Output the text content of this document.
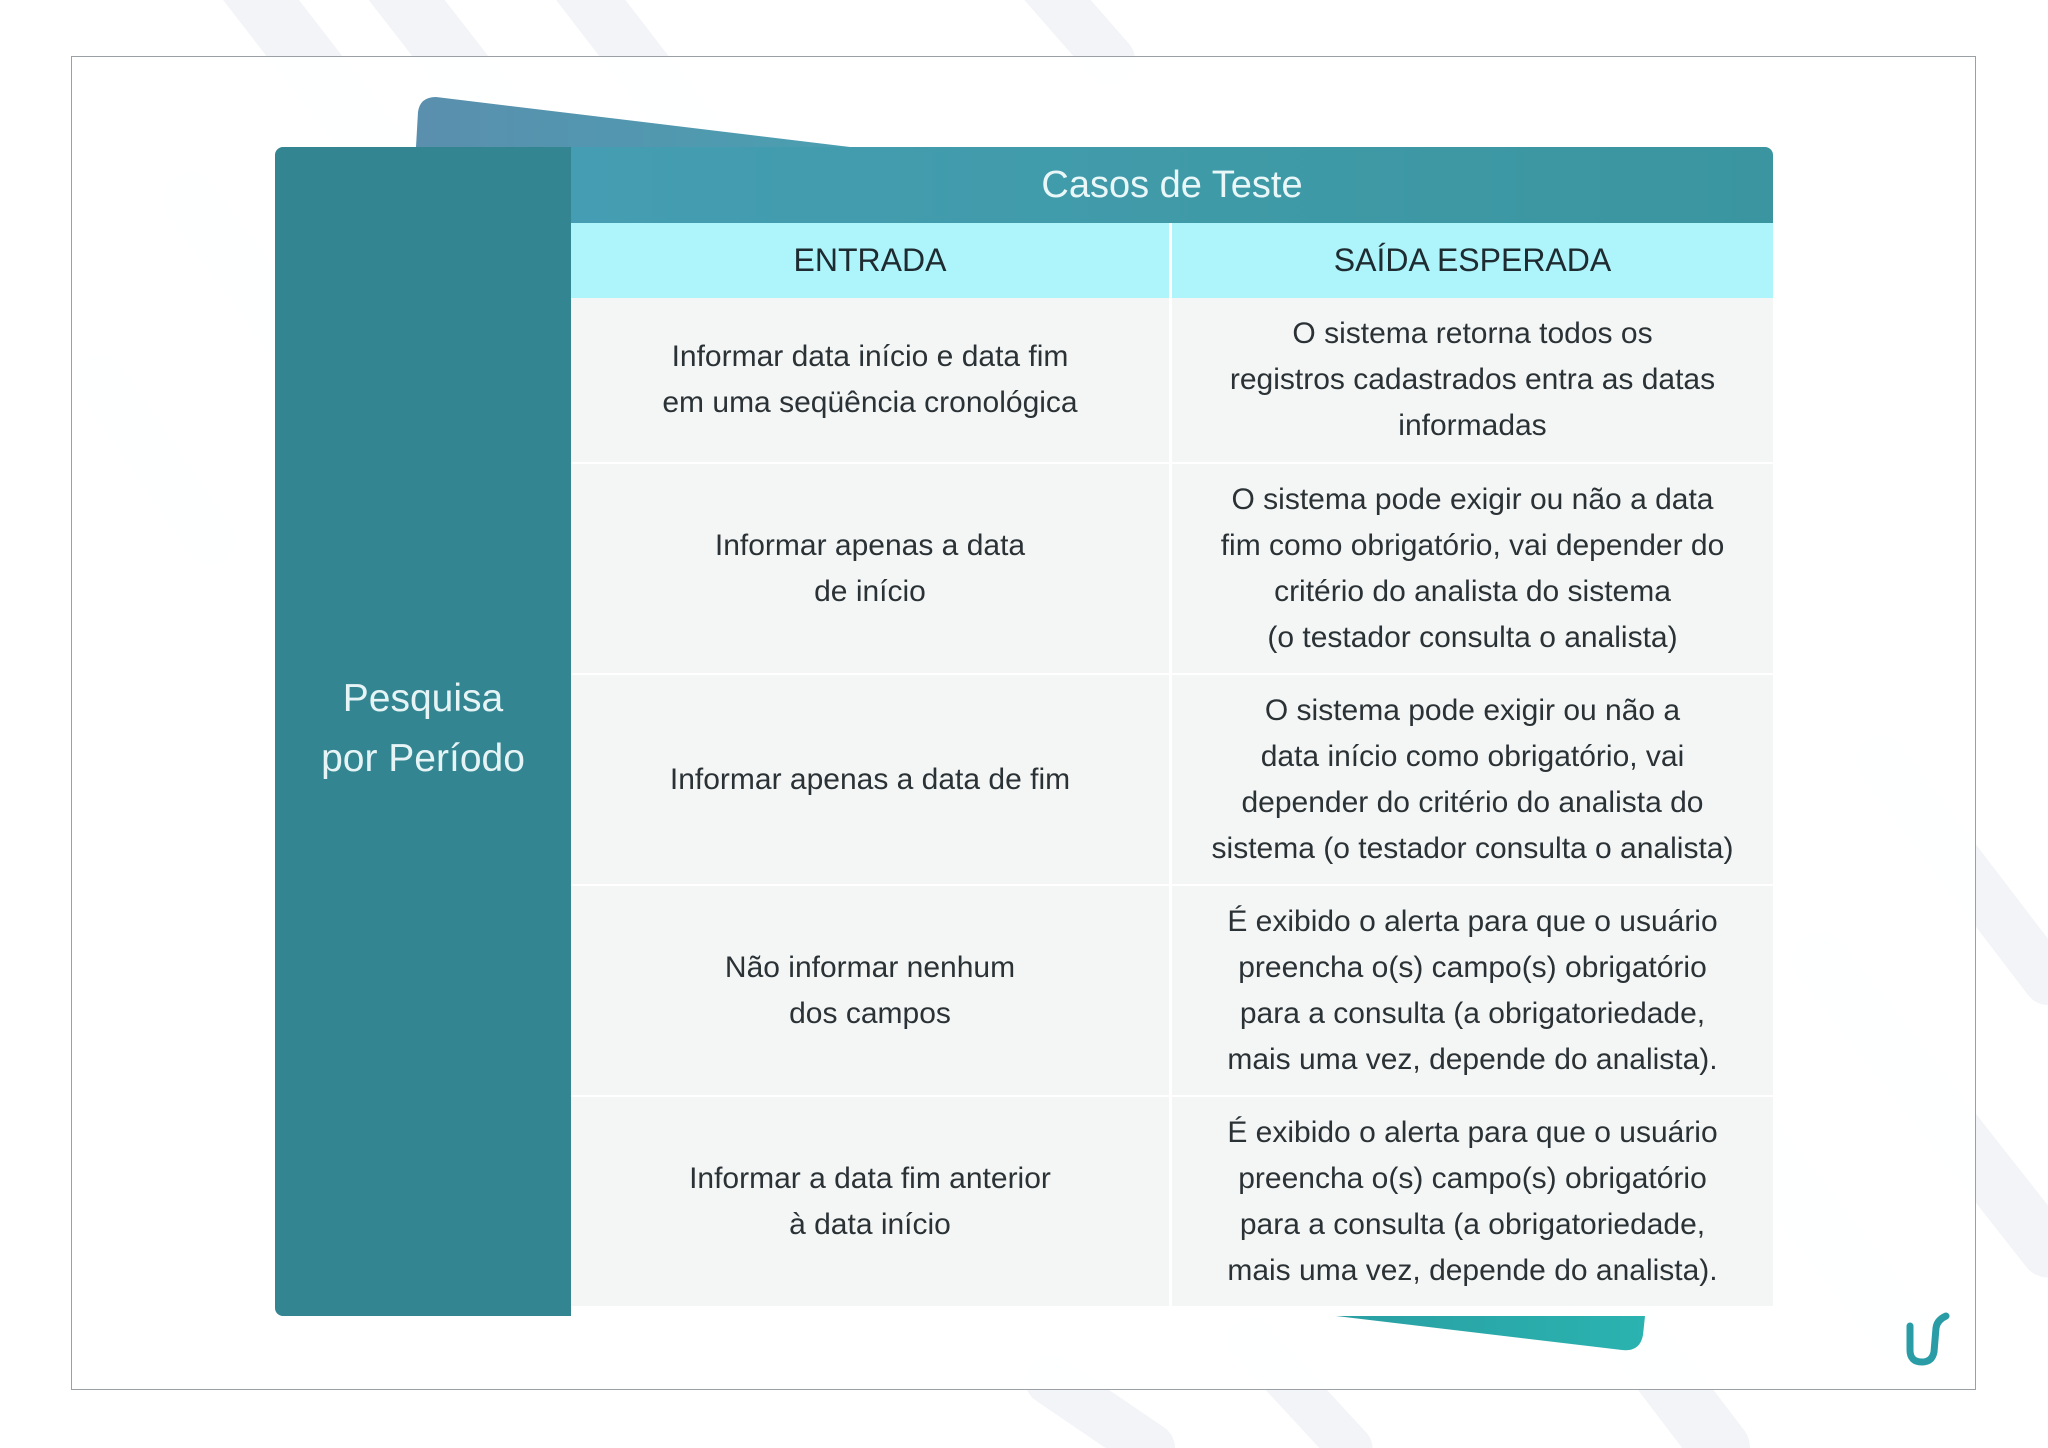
Pesquisa
por Período
Casos de Teste
ENTRADA	SAÍDA ESPERADA
Informar data início e data fim
em uma seqüência cronológica
O sistema retorna todos os
registros cadastrados entra as datas
informadas
Informar apenas a data
de início
O sistema pode exigir ou não a data
fim como obrigatório, vai depender do
critério do analista do sistema
(o testador consulta o analista)
Informar apenas a data de fim
O sistema pode exigir ou não a
data início como obrigatório, vai
depender do critério do analista do
sistema (o testador consulta o analista)
Não informar nenhum
dos campos
É exibido o alerta para que o usuário
preencha o(s) campo(s) obrigatório
para a consulta (a obrigatoriedade,
mais uma vez, depende do analista).
Informar a data fim anterior
à data início
É exibido o alerta para que o usuário
preencha o(s) campo(s) obrigatório
para a consulta (a obrigatoriedade,
mais uma vez, depende do analista).
